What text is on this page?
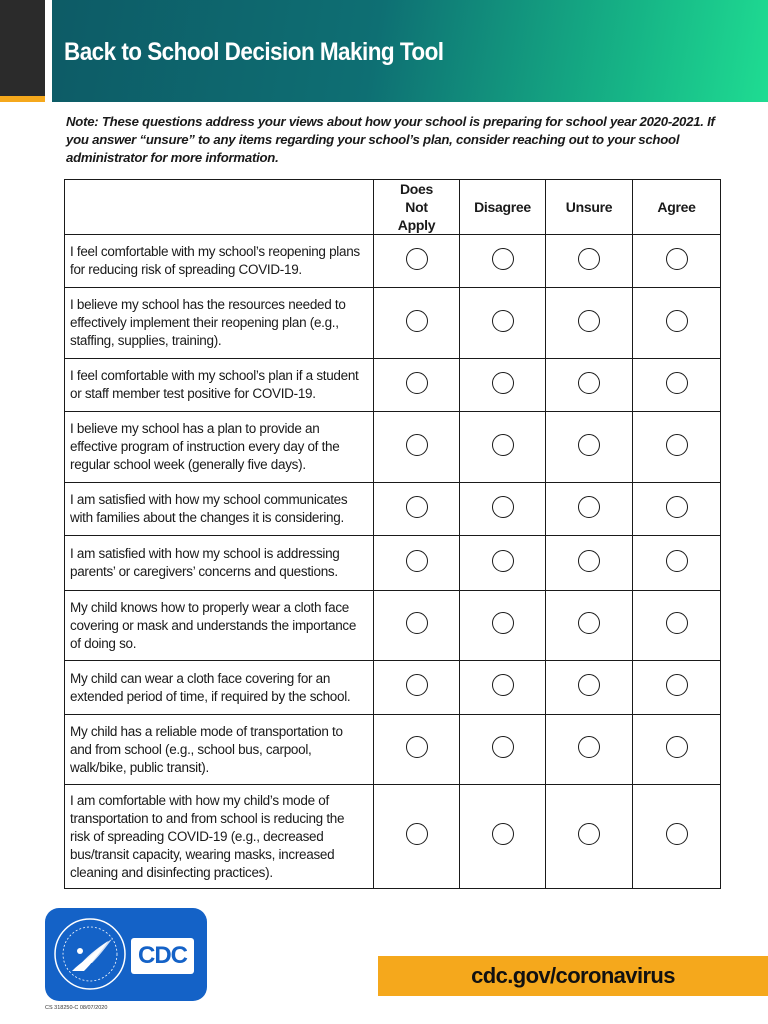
Back to School Decision Making Tool

Note: These questions address your views about how your school is preparing for school year 2020-2021. If you answer “unsure” to any items regarding your school’s plan, consider reaching out to your school administrator for more information.

	Does Not Apply	Disagree	Unsure	Agree
I feel comfortable with my school’s reopening plans for reducing risk of spreading COVID-19.				
I believe my school has the resources needed to effectively implement their reopening plan (e.g., staffing, supplies, training).				
I feel comfortable with my school’s plan if a student or staff member test positive for COVID-19.				
I believe my school has a plan to provide an effective program of instruction every day of the regular school week (generally five days).				
I am satisfied with how my school communicates with families about the changes it is considering.				
I am satisfied with how my school is addressing parents’ or caregivers’ concerns and questions.				
My child knows how to properly wear a cloth face covering or mask and understands the importance of doing so.				
My child can wear a cloth face covering for an extended period of time, if required by the school.				
My child has a reliable mode of transportation to and from school (e.g., school bus, carpool, walk/bike, public transit).				
I am comfortable with how my child’s mode of transportation to and from school is reducing the risk of spreading COVID-19 (e.g., decreased bus/transit capacity, wearing masks, increased cleaning and disinfecting practices).				
CDC
CS 318250-C 08/07/2020
cdc.gov/coronavirus
